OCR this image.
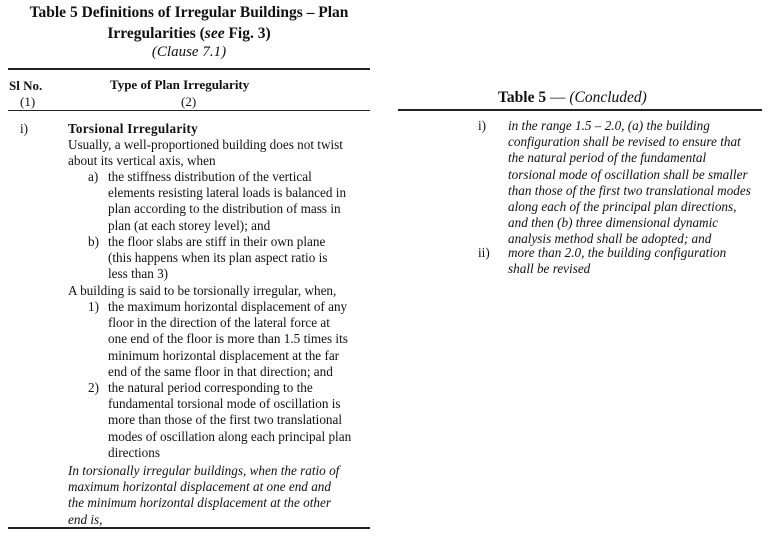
Table 5 Definitions of Irregular Buildings – Plan
Irregularities (see Fig. 3)
(Clause 7.1)
Sl No.
(1)
Type of Plan Irregularity
(2)
i)	Torsional Irregularity
Usually, a well-proportioned building does not twist
about its vertical axis, when
a) the stiffness distribution of the vertical
elements resisting lateral loads is balanced in
plan according to the distribution of mass in
plan (at each storey level); and
b) the floor slabs are stiff in their own plane
(this happens when its plan aspect ratio is
less than 3)
A building is said to be torsionally irregular, when,
1) the maximum horizontal displacement of any
floor in the direction of the lateral force at
one end of the floor is more than 1.5 times its
minimum horizontal displacement at the far
end of the same floor in that direction; and
2) the natural period corresponding to the
fundamental torsional mode of oscillation is
more than those of the first two translational
modes of oscillation along each principal plan
directions
In torsionally irregular buildings, when the ratio of
maximum horizontal displacement at one end and
the minimum horizontal displacement at the other
end is,
Table 5 — (Concluded)
i) in the range 1.5 – 2.0, (a) the building
configuration shall be revised to ensure that
the natural period of the fundamental
torsional mode of oscillation shall be smaller
than those of the first two translational modes
along each of the principal plan directions,
and then (b) three dimensional dynamic
analysis method shall be adopted; and
ii) more than 2.0, the building configuration
shall be revised
